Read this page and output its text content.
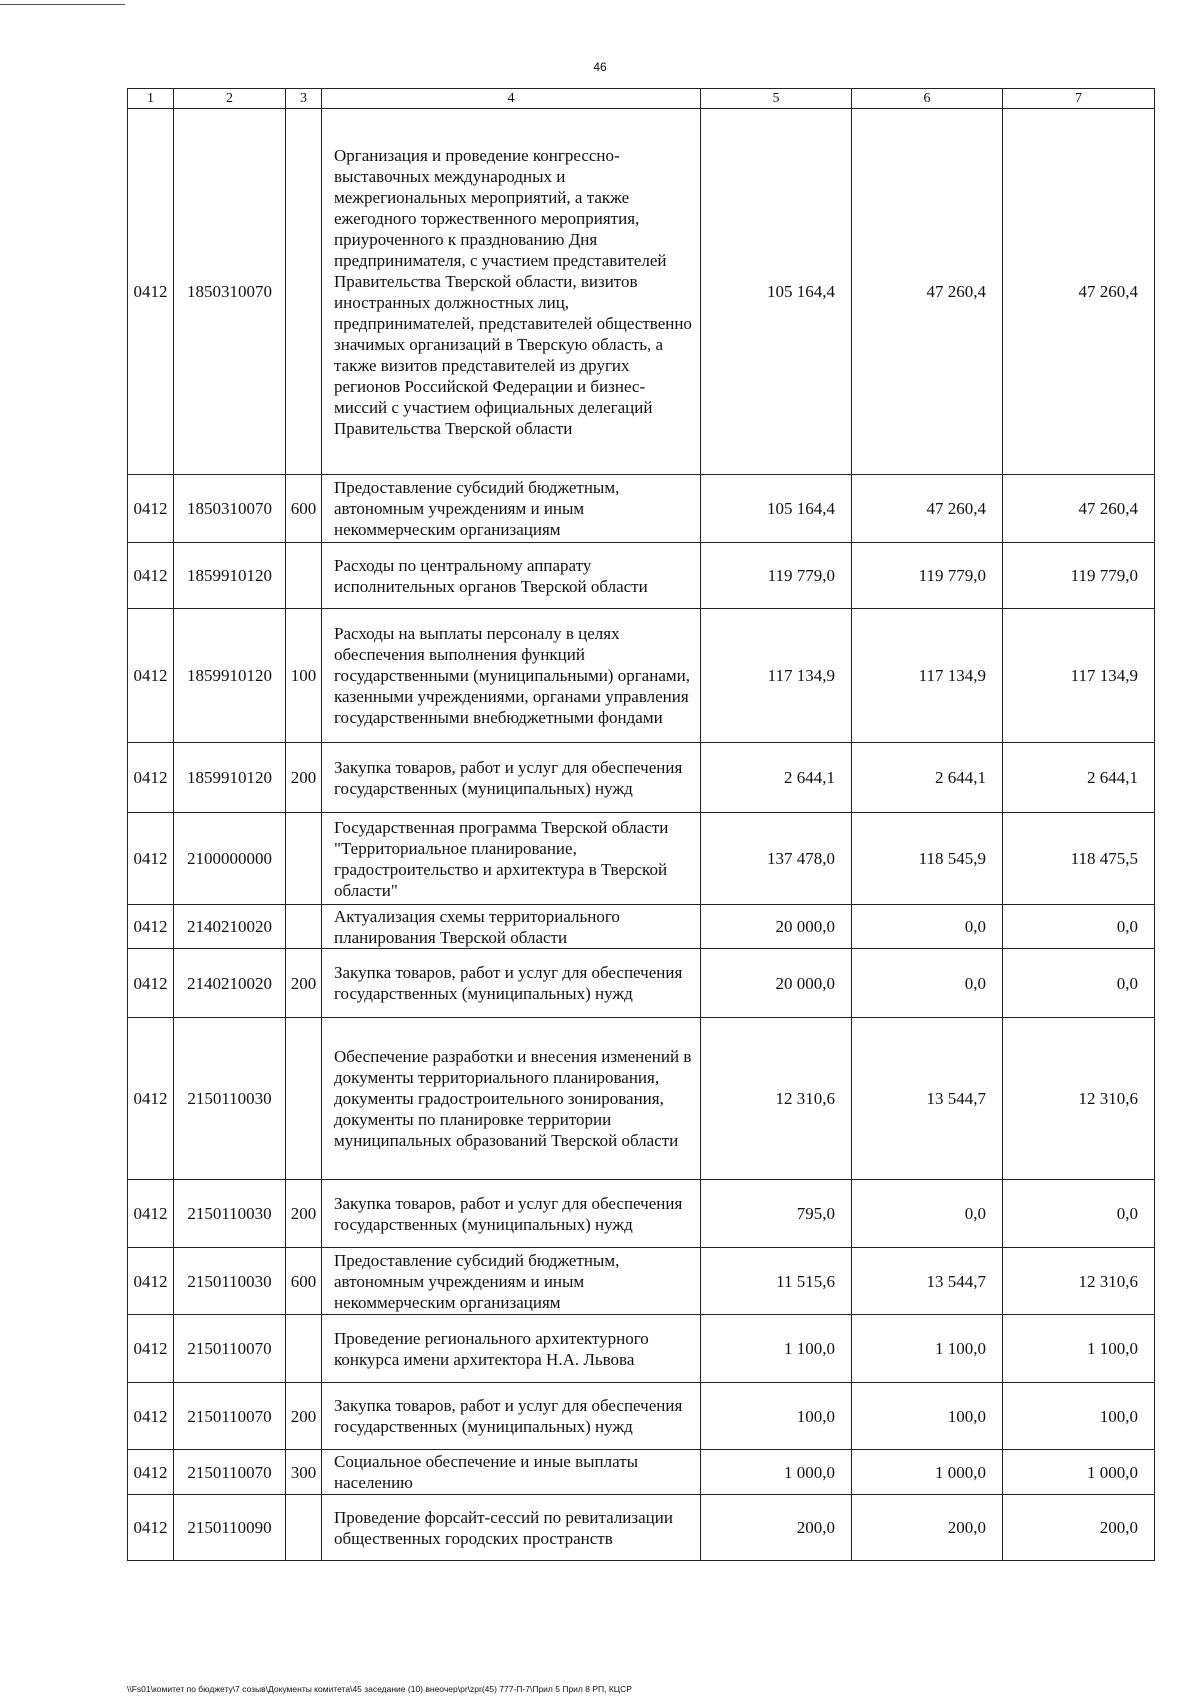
46
1	2	3	4	5	6	7
0412	1850310070		Организация и проведение конгрессно-выставочных международных и межрегиональных мероприятий, а также ежегодного торжественного мероприятия, приуроченного к празднованию Дня предпринимателя, с участием представителей Правительства Тверской области, визитов иностранных должностных лиц, предпринимателей, представителей общественно значимых организаций в Тверскую область, а также визитов представителей из других регионов Российской Федерации и бизнес-миссий с участием официальных делегаций Правительства Тверской области	105 164,4	47 260,4	47 260,4
0412	1850310070	600	Предоставление субсидий бюджетным, автономным учреждениям и иным некоммерческим организациям	105 164,4	47 260,4	47 260,4
0412	1859910120		Расходы по центральному аппарату исполнительных органов Тверской области	119 779,0	119 779,0	119 779,0
0412	1859910120	100	Расходы на выплаты персоналу в целях обеспечения выполнения функций государственными (муниципальными) органами, казенными учреждениями, органами управления государственными внебюджетными фондами	117 134,9	117 134,9	117 134,9
0412	1859910120	200	Закупка товаров, работ и услуг для обеспечения государственных (муниципальных) нужд	2 644,1	2 644,1	2 644,1
0412	2100000000		Государственная программа Тверской области "Территориальное планирование, градостроительство и архитектура в Тверской области"	137 478,0	118 545,9	118 475,5
0412	2140210020		Актуализация схемы территориального планирования Тверской области	20 000,0	0,0	0,0
0412	2140210020	200	Закупка товаров, работ и услуг для обеспечения государственных (муниципальных) нужд	20 000,0	0,0	0,0
0412	2150110030		Обеспечение разработки и внесения изменений в документы территориального планирования, документы градостроительного зонирования, документы по планировке территории муниципальных образований Тверской области	12 310,6	13 544,7	12 310,6
0412	2150110030	200	Закупка товаров, работ и услуг для обеспечения государственных (муниципальных) нужд	795,0	0,0	0,0
0412	2150110030	600	Предоставление субсидий бюджетным, автономным учреждениям и иным некоммерческим организациям	11 515,6	13 544,7	12 310,6
0412	2150110070		Проведение регионального архитектурного конкурса имени архитектора Н.А. Львова	1 100,0	1 100,0	1 100,0
0412	2150110070	200	Закупка товаров, работ и услуг для обеспечения государственных (муниципальных) нужд	100,0	100,0	100,0
0412	2150110070	300	Социальное обеспечение и иные выплаты населению	1 000,0	1 000,0	1 000,0
0412	2150110090		Проведение форсайт-сессий по ревитализации общественных городских пространств	200,0	200,0	200,0
\\Fs01\комитет по бюджету\7 созыв\Документы комитета\45 заседание (10) внеочер\pr\zpr(45) 777-П-7\Прил 5 Прил 8 РП, КЦСР
